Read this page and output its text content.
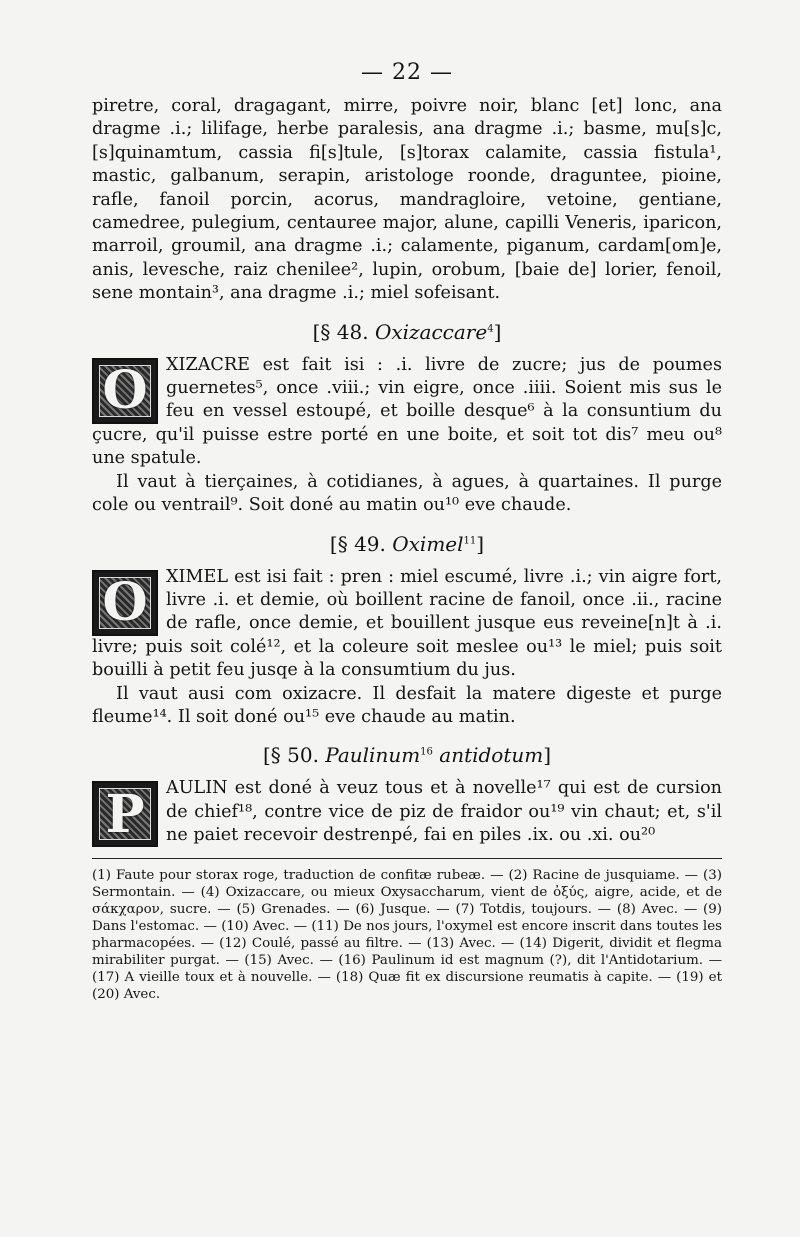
— 22 —

piretre, coral, dragagant, mirre, poivre noir, blanc [et] lonc, ana dragme .i.; lilifage, herbe paralesis, ana dragme .i.; basme, mu[s]c, [s]quinamtum, cassia fi[s]tule, [s]torax calamite, cassia fistula¹, mastic, galbanum, serapin, aristologe roonde, draguntee, pioine, rafle, fanoil porcin, acorus, mandragloire, vetoine, gentiane, camedree, pulegium, centauree major, alune, capilli Veneris, iparicon, marroil, groumil, ana dragme .i.; calamente, piganum, cardam[om]e, anis, levesche, raiz chenilee², lupin, orobum, [baie de] lorier, fenoil, sene montain³, ana dragme .i.; miel sofeisant.

[§ 48. Oxizaccare$^4$]
O	XIZACRE est fait isi : .i. livre de zucre; jus de poumes guernetes⁵, once .viii.; vin eigre, once .iiii. Soient mis sus le feu en vessel estoupé, et boille desque⁶ à la consuntium du çucre, qu'il puisse estre porté en une boite, et soit tot dis⁷ meu ou⁸ une spatule.

Il vaut à tierçaines, à cotidianes, à agues, à quartaines. Il purge cole ou ventrail⁹. Soit doné au matin ou¹⁰ eve chaude.

[§ 49. Oximel$^{11}$]
O	XIMEL est isi fait : pren : miel escumé, livre .i.; vin aigre fort, livre .i. et demie, où boillent racine de fanoil, once .ii., racine de rafle, once demie, et bouillent jusque eus reveine[n]t à .i. livre; puis soit colé¹², et la coleure soit meslee ou¹³ le miel; puis soit bouilli à petit feu jusqe à la consumtium du jus.

Il vaut ausi com oxizacre. Il desfait la matere digeste et purge fleume¹⁴. Il soit doné ou¹⁵ eve chaude au matin.

[§ 50. Paulinum$^{16}$ antidotum]
P	AULIN est doné à veuz tous et à novelle¹⁷ qui est de cursion de chief¹⁸, contre vice de piz de fraidor ou¹⁹ vin chaut; et, s'il ne paiet recevoir destrenpé, fai en piles .ix. ou .xi. ou²⁰

(1) Faute pour storax roge, traduction de confitæ rubeæ. — (2) Racine de jusquiame. — (3) Sermontain. — (4) Oxizaccare, ou mieux Oxysaccharum, vient de ὀξύς, aigre, acide, et de σάκχαρον, sucre. — (5) Grenades. — (6) Jusque. — (7) Totdis, toujours. — (8) Avec. — (9) Dans l'estomac. — (10) Avec. — (11) De nos jours, l'oxymel est encore inscrit dans toutes les pharmacopées. — (12) Coulé, passé au filtre. — (13) Avec. — (14) Digerit, dividit et flegma mirabiliter purgat. — (15) Avec. — (16) Paulinum id est magnum (?), dit l'Antidotarium. — (17) A vieille toux et à nouvelle. — (18) Quæ fit ex discursione reumatis à capite. — (19) et (20) Avec.
